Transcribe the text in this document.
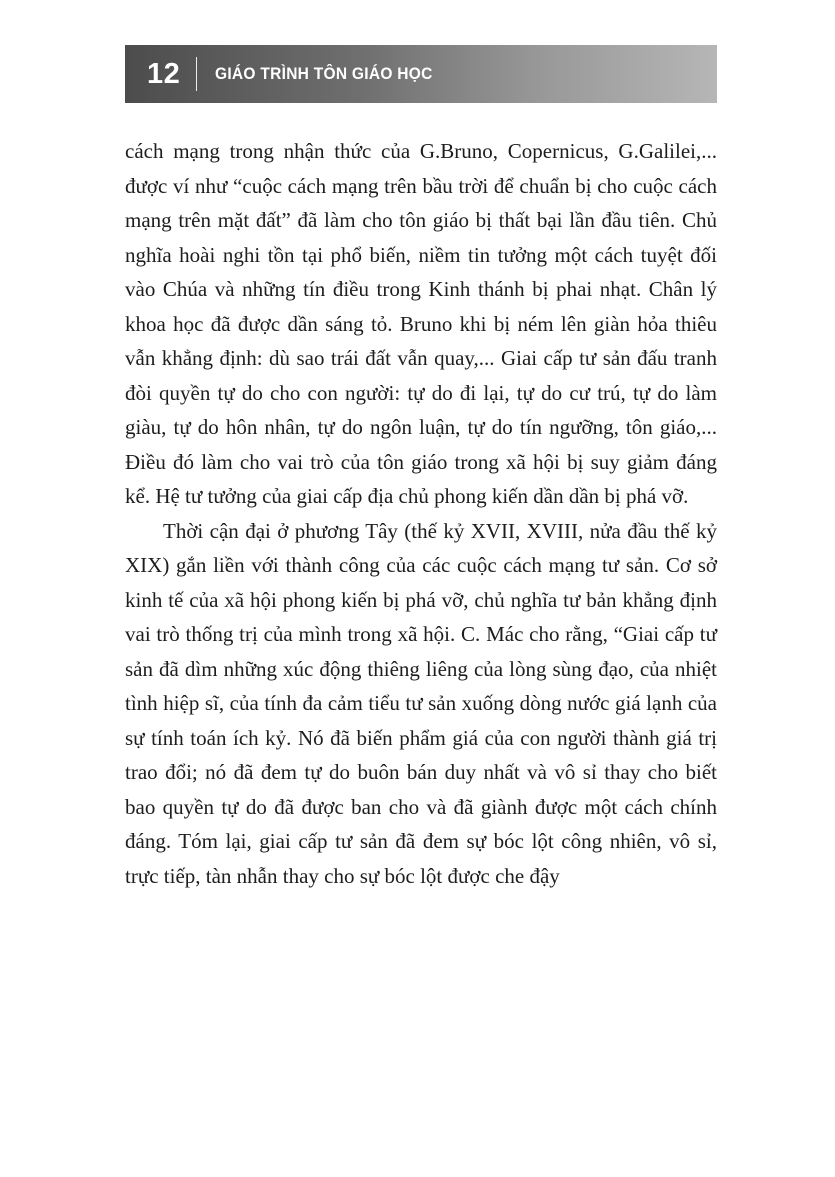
12 GIÁO TRÌNH TÔN GIÁO HỌC

cách mạng trong nhận thức của G.Bruno, Copernicus, G.Galilei,... được ví như “cuộc cách mạng trên bầu trời để chuẩn bị cho cuộc cách mạng trên mặt đất” đã làm cho tôn giáo bị thất bại lần đầu tiên. Chủ nghĩa hoài nghi tồn tại phổ biến, niềm tin tưởng một cách tuyệt đối vào Chúa và những tín điều trong Kinh thánh bị phai nhạt. Chân lý khoa học đã được dần sáng tỏ. Bruno khi bị ném lên giàn hỏa thiêu vẫn khẳng định: dù sao trái đất vẫn quay,... Giai cấp tư sản đấu tranh đòi quyền tự do cho con người: tự do đi lại, tự do cư trú, tự do làm giàu, tự do hôn nhân, tự do ngôn luận, tự do tín ngưỡng, tôn giáo,... Điều đó làm cho vai trò của tôn giáo trong xã hội bị suy giảm đáng kể. Hệ tư tưởng của giai cấp địa chủ phong kiến dần dần bị phá vỡ.

Thời cận đại ở phương Tây (thế kỷ XVII, XVIII, nửa đầu thế kỷ XIX) gắn liền với thành công của các cuộc cách mạng tư sản. Cơ sở kinh tế của xã hội phong kiến bị phá vỡ, chủ nghĩa tư bản khẳng định vai trò thống trị của mình trong xã hội. C. Mác cho rằng, “Giai cấp tư sản đã dìm những xúc động thiêng liêng của lòng sùng đạo, của nhiệt tình hiệp sĩ, của tính đa cảm tiểu tư sản xuống dòng nước giá lạnh của sự tính toán ích kỷ. Nó đã biến phẩm giá của con người thành giá trị trao đổi; nó đã đem tự do buôn bán duy nhất và vô sỉ thay cho biết bao quyền tự do đã được ban cho và đã giành được một cách chính đáng. Tóm lại, giai cấp tư sản đã đem sự bóc lột công nhiên, vô sỉ, trực tiếp, tàn nhẫn thay cho sự bóc lột được che đậy
